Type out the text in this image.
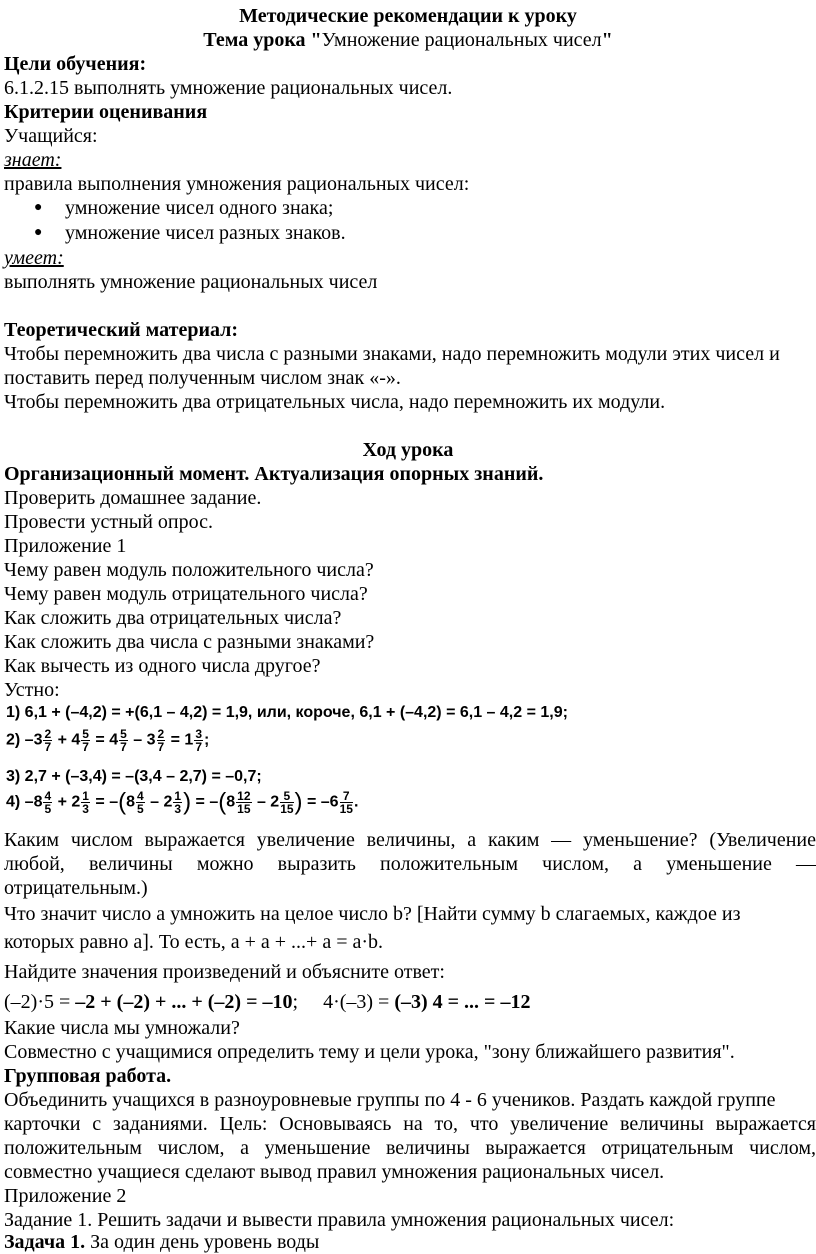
Методические рекомендации к уроку
Тема урока "Умножение рациональных чисел"
Цели обучения:
6.1.2.15 выполнять умножение рациональных чисел.
Критерии оценивания
Учащийся:
знает:
правила выполнения умножения рациональных чисел:
● умножение чисел одного знака;
● умножение чисел разных знаков.
умеет:
выполнять умножение рациональных чисел
Теоретический материал:
Чтобы перемножить два числа с разными знаками, надо перемножить модули этих чисел и
поставить перед полученным числом знак «-».
Чтобы перемножить два отрицательных числа, надо перемножить их модули.
Ход урока
Организационный момент. Актуализация опорных знаний.
Проверить домашнее задание.
Провести устный опрос.
Приложение 1
Чему равен модуль положительного числа?
Чему равен модуль отрицательного числа?
Как сложить два отрицательных числа?
Как сложить два числа с разными знаками?
Как вычесть из одного числа другое?
Устно:
1) 6,1 + (–4,2) = +(6,1 – 4,2) = 1,9, или, короче, 6,1 + (–4,2) = 6,1 – 4,2 = 1,9;
2) $-3 \frac{2}{7} + 4 \frac{5}{7} = 4 \frac{5}{7} - 3 \frac{2}{7} = 1 \frac{3}{7}$ ;
3) 2,7 + (–3,4) = –(3,4 – 2,7) = –0,7;
4) $-8 \frac{4}{5} + 2 \frac{1}{3} = -(8 \frac{4}{5} - 2 \frac{1}{3}$ ) = $-(8 \frac{12}{15} - 2 \frac{5}{15}$ ) = $-6 \frac{7}{15}$ .
Каким числом выражается увеличение величины, а каким — уменьшение? (Увеличение
любой, величины можно выразить положительным числом, а уменьшение —
отрицательным.)
Что значит число a умножить на целое число b? [Найти сумму b слагаемых, каждое из
которых равно a]. То есть, a + a + ...+ a = a·b.
Найдите значения произведений и объясните ответ:
(–2)·5 = –2 + (–2) + ... + (–2) = –10; 4·(–3) = (–3) 4 = ... = –12
Какие числа мы умножали?
Совместно с учащимися определить тему и цели урока, "зону ближайшего развития".
Групповая работа.
Объединить учащихся в разноуровневые группы по 4 - 6 учеников. Раздать каждой группе
карточки с заданиями. Цель: Основываясь на то, что увеличение величины выражается
положительным числом, а уменьшение величины выражается отрицательным числом,
совместно учащиеся сделают вывод правил умножения рациональных чисел.
Приложение 2
Задание 1. Решить задачи и вывести правила умножения рациональных чисел:
Задача 1. За один день уровень воды
